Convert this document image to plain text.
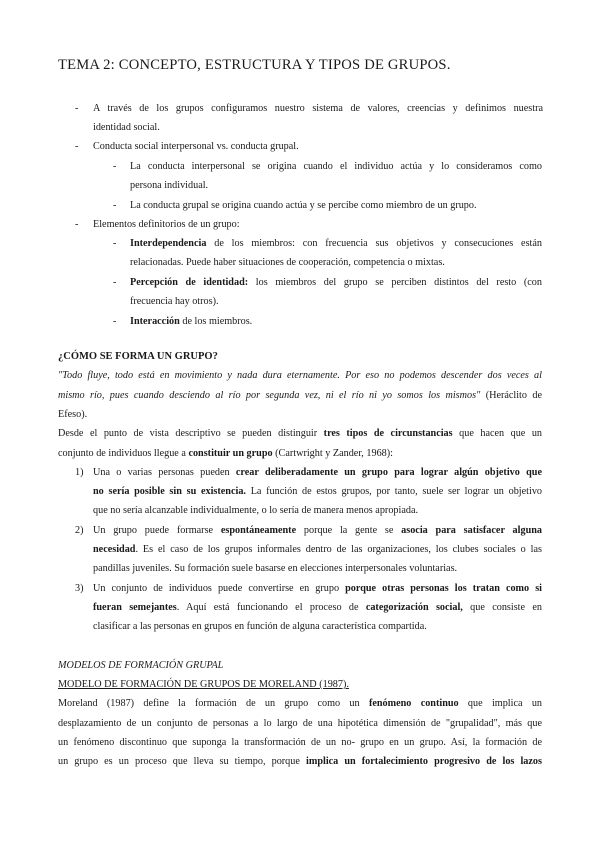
TEMA 2: CONCEPTO, ESTRUCTURA Y TIPOS DE GRUPOS.
- A través de los grupos configuramos nuestro sistema de valores, creencias y definimos nuestra
identidad social.
- Conducta social interpersonal vs. conducta grupal.
- La conducta interpersonal se origina cuando el individuo actúa y lo consideramos como
persona individual.
- La conducta grupal se origina cuando actúa y se percibe como miembro de un grupo.
- Elementos definitorios de un grupo:
- Interdependencia de los miembros: con frecuencia sus objetivos y consecuciones están
relacionadas. Puede haber situaciones de cooperación, competencia o mixtas.
- Percepción de identidad: los miembros del grupo se perciben distintos del resto (con
frecuencia hay otros).
- Interacción de los miembros.
¿CÓMO SE FORMA UN GRUPO?
"Todo fluye, todo está en movimiento y nada dura eternamente. Por eso no podemos descender dos veces al
mismo río, pues cuando desciendo al río por segunda vez, ni el río ni yo somos los mismos" (Heráclito de
Efeso).
Desde el punto de vista descriptivo se pueden distinguir tres tipos de circunstancias que hacen que un
conjunto de individuos llegue a constituir un grupo (Cartwright y Zander, 1968):
1) Una o varias personas pueden crear deliberadamente un grupo para lograr algún objetivo que
no sería posible sin su existencia. La función de estos grupos, por tanto, suele ser lograr un objetivo
que no sería alcanzable individualmente, o lo sería de manera menos apropiada.
2) Un grupo puede formarse espontáneamente porque la gente se asocia para satisfacer alguna
necesidad. Es el caso de los grupos informales dentro de las organizaciones, los clubes sociales o las
pandillas juveniles. Su formación suele basarse en elecciones interpersonales voluntarias.
3) Un conjunto de individuos puede convertirse en grupo porque otras personas los tratan como si
fueran semejantes. Aquí está funcionando el proceso de categorización social, que consiste en
clasificar a las personas en grupos en función de alguna característica compartida.
MODELOS DE FORMACIÓN GRUPAL
MODELO DE FORMACIÓN DE GRUPOS DE MORELAND (1987).
Moreland (1987) define la formación de un grupo como un fenómeno continuo que implica un
desplazamiento de un conjunto de personas a lo largo de una hipotética dimensión de "grupalidad", más que
un fenómeno discontinuo que suponga la transformación de un no- grupo en un grupo. Así, la formación de
un grupo es un proceso que lleva su tiempo, porque implica un fortalecimiento progresivo de los lazos
